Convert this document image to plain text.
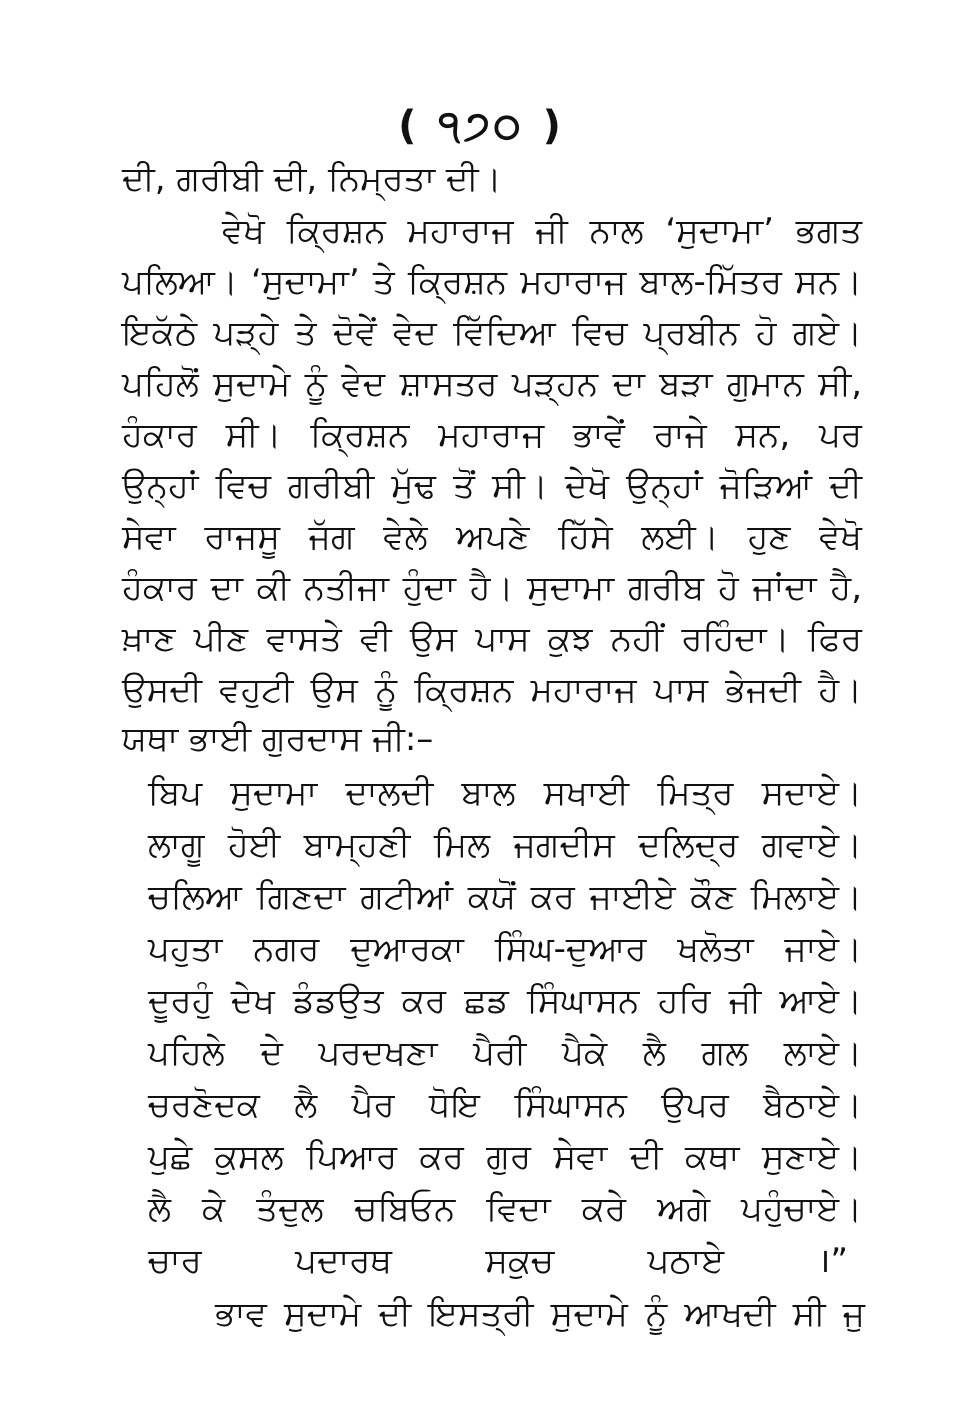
( ੧੭੦ )
ਦੀ, ਗਰੀਬੀ ਦੀ, ਨਿਮ੍ਰਤਾ ਦੀ।
ਵੇਖੋ ਕ੍ਰਿਸ਼ਨ ਮਹਾਰਾਜ ਜੀ ਨਾਲ ‘ਸੁਦਾਮਾ’ ਭਗਤ
ਪਲਿਆ। ‘ਸੁਦਾਮਾ’ ਤੇ ਕ੍ਰਿਸ਼ਨ ਮਹਾਰਾਜ ਬਾਲ-ਮਿੱਤਰ ਸਨ।
ਇਕੱਠੇ ਪੜ੍ਹੇ ਤੇ ਦੋਵੇਂ ਵੇਦ ਵਿੱਦਿਆ ਵਿਚ ਪ੍ਰਬੀਨ ਹੋ ਗਏ।
ਪਹਿਲੋਂ ਸੁਦਾਮੇ ਨੂੰ ਵੇਦ ਸ਼ਾਸਤਰ ਪੜ੍ਹਨ ਦਾ ਬੜਾ ਗੁਮਾਨ ਸੀ,
ਹੰਕਾਰ ਸੀ। ਕ੍ਰਿਸ਼ਨ ਮਹਾਰਾਜ ਭਾਵੇਂ ਰਾਜੇ ਸਨ, ਪਰ
ਉਨ੍ਹਾਂ ਵਿਚ ਗਰੀਬੀ ਮੁੱਢ ਤੋਂ ਸੀ। ਦੇਖੋ ਉਨ੍ਹਾਂ ਜੋੜਿਆਂ ਦੀ
ਸੇਵਾ ਰਾਜਸੂ ਜੱਗ ਵੇਲੇ ਅਪਣੇ ਹਿੱਸੇ ਲਈ। ਹੁਣ ਵੇਖੋ
ਹੰਕਾਰ ਦਾ ਕੀ ਨਤੀਜਾ ਹੁੰਦਾ ਹੈ। ਸੁਦਾਮਾ ਗਰੀਬ ਹੋ ਜਾਂਦਾ ਹੈ,
ਖ਼ਾਣ ਪੀਣ ਵਾਸਤੇ ਵੀ ਉਸ ਪਾਸ ਕੁਝ ਨਹੀਂ ਰਹਿੰਦਾ। ਫਿਰ
ਉਸਦੀ ਵਹੁਟੀ ਉਸ ਨੂੰ ਕ੍ਰਿਸ਼ਨ ਮਹਾਰਾਜ ਪਾਸ ਭੇਜਦੀ ਹੈ।
ਯਥਾ ਭਾਈ ਗੁਰਦਾਸ ਜੀ:–
ਬਿਪ ਸੁਦਾਮਾ ਦਾਲਦੀ ਬਾਲ ਸਖਾਈ ਮਿਤ੍ਰ ਸਦਾਏ।
ਲਾਗੂ ਹੋਈ ਬਾਮ੍ਹਣੀ ਮਿਲ ਜਗਦੀਸ ਦਲਿਦ੍ਰ ਗਵਾਏ।
ਚਲਿਆ ਗਿਣਦਾ ਗਟੀਆਂ ਕਯੋਂ ਕਰ ਜਾਈਏ ਕੌਣ ਮਿਲਾਏ।
ਪਹੁਤਾ ਨਗਰ ਦੁਆਰਕਾ ਸਿੰਘ-ਦੁਆਰ ਖਲੋਤਾ ਜਾਏ।
ਦੂਰਹੁੰ ਦੇਖ ਡੰਡਉਤ ਕਰ ਛਡ ਸਿੰਘਾਸਨ ਹਰਿ ਜੀ ਆਏ।
ਪਹਿਲੇ ਦੇ ਪਰਦਖਣਾ ਪੈਰੀ ਪੈਕੇ ਲੈ ਗਲ ਲਾਏ।
ਚਰਣੋਦਕ ਲੈ ਪੈਰ ਧੋਇ ਸਿੰਘਾਸਨ ਉਪਰ ਬੈਠਾਏ।
ਪੁਛੇ ਕੁਸਲ ਪਿਆਰ ਕਰ ਗੁਰ ਸੇਵਾ ਦੀ ਕਥਾ ਸੁਣਾਏ।
ਲੈ ਕੇ ਤੰਦੁਲ ਚਬਿਓਨ ਵਿਦਾ ਕਰੇ ਅਗੇ ਪਹੁੰਚਾਏ।
ਚਾਰ	ਪਦਾਰਥ	ਸਕੁਚ	ਪਠਾਏ	।”
ਭਾਵ ਸੁਦਾਮੇ ਦੀ ਇਸਤ੍ਰੀ ਸੁਦਾਮੇ ਨੂੰ ਆਖਦੀ ਸੀ ਜੁ
